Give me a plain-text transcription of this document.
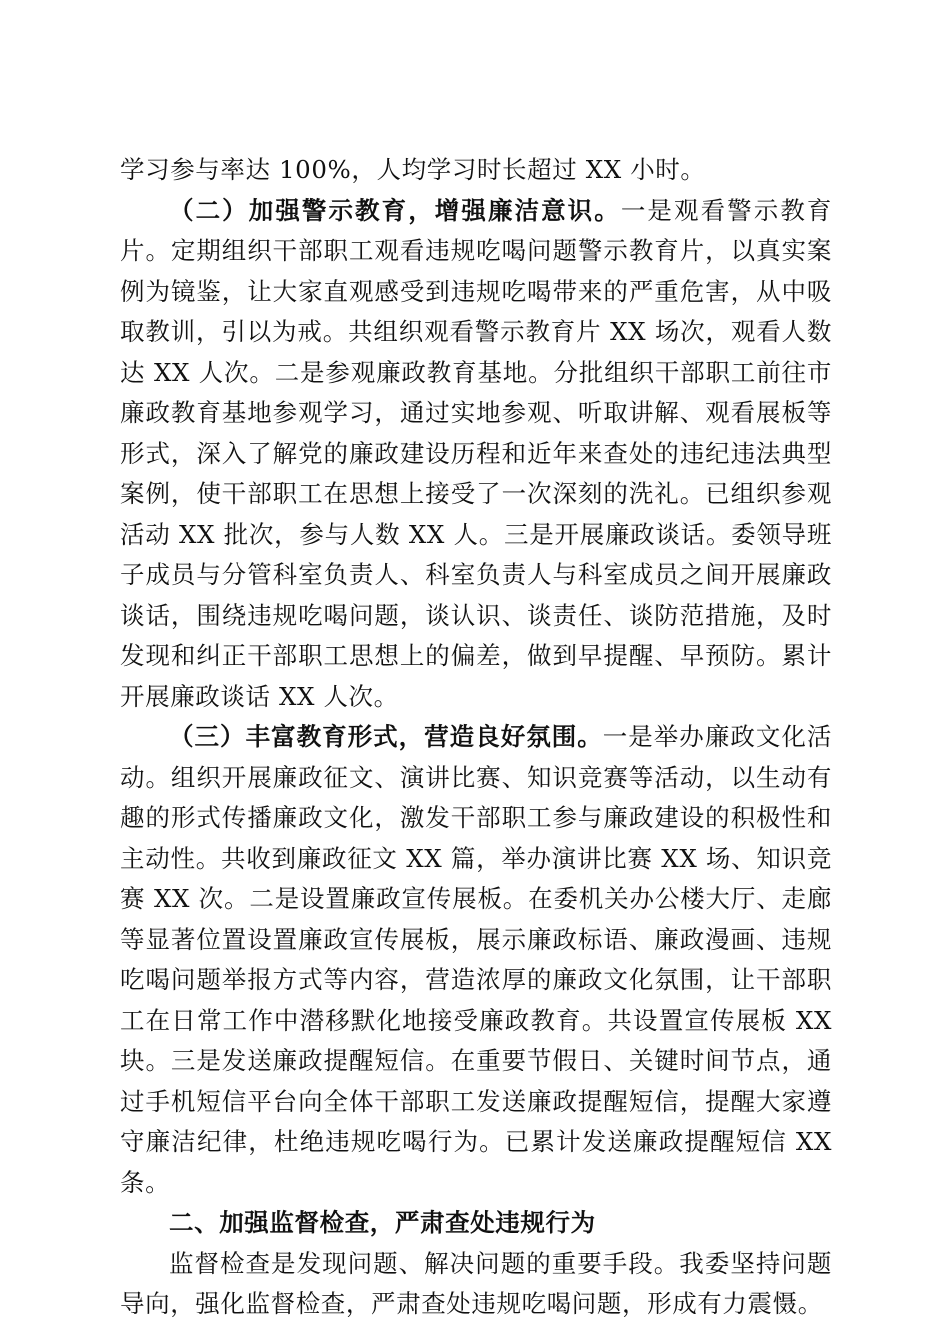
学习参与率达 100%，人均学习时长超过 XX 小时。

（二）加强警示教育，增强廉洁意识。一是观看警示教育片。定期组织干部职工观看违规吃喝问题警示教育片，以真实案例为镜鉴，让大家直观感受到违规吃喝带来的严重危害，从中吸取教训，引以为戒。共组织观看警示教育片 XX 场次，观看人数达 XX 人次。二是参观廉政教育基地。分批组织干部职工前往市廉政教育基地参观学习，通过实地参观、听取讲解、观看展板等形式，深入了解党的廉政建设历程和近年来查处的违纪违法典型案例，使干部职工在思想上接受了一次深刻的洗礼。已组织参观活动 XX 批次，参与人数 XX 人。三是开展廉政谈话。委领导班子成员与分管科室负责人、科室负责人与科室成员之间开展廉政谈话，围绕违规吃喝问题，谈认识、谈责任、谈防范措施，及时发现和纠正干部职工思想上的偏差，做到早提醒、早预防。累计开展廉政谈话 XX 人次。

（三）丰富教育形式，营造良好氛围。一是举办廉政文化活动。组织开展廉政征文、演讲比赛、知识竞赛等活动，以生动有趣的形式传播廉政文化，激发干部职工参与廉政建设的积极性和主动性。共收到廉政征文 XX 篇，举办演讲比赛 XX 场、知识竞赛 XX 次。二是设置廉政宣传展板。在委机关办公楼大厅、走廊等显著位置设置廉政宣传展板，展示廉政标语、廉政漫画、违规吃喝问题举报方式等内容，营造浓厚的廉政文化氛围，让干部职工在日常工作中潜移默化地接受廉政教育。共设置宣传展板 XX 块。三是发送廉政提醒短信。在重要节假日、关键时间节点，通过手机短信平台向全体干部职工发送廉政提醒短信，提醒大家遵守廉洁纪律，杜绝违规吃喝行为。已累计发送廉政提醒短信 XX 条。

二、加强监督检查，严肃查处违规行为

监督检查是发现问题、解决问题的重要手段。我委坚持问题导向，强化监督检查，严肃查处违规吃喝问题，形成有力震慑。
